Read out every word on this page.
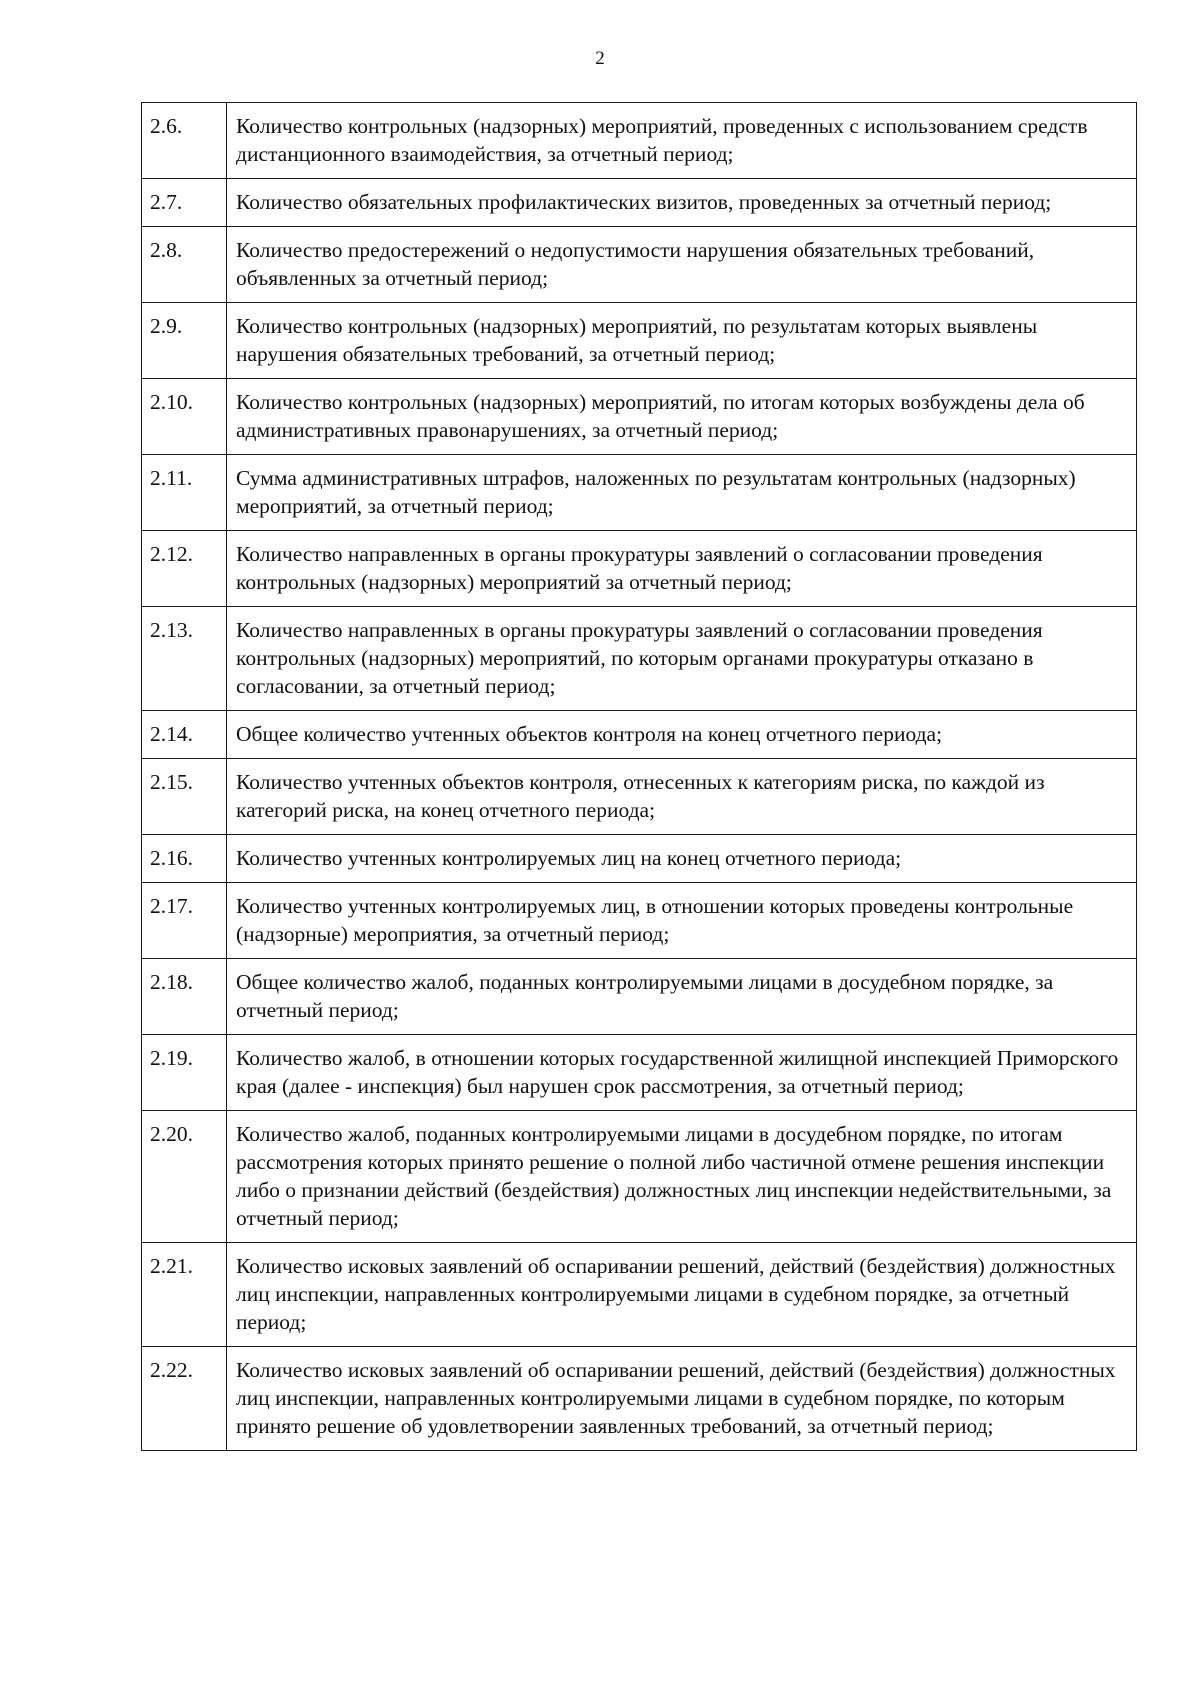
2
2.6.	Количество контрольных (надзорных) мероприятий, проведенных с использованием средств дистанционного взаимодействия, за отчетный период;
2.7.	Количество обязательных профилактических визитов, проведенных за отчетный период;
2.8.	Количество предостережений о недопустимости нарушения обязательных требований, объявленных за отчетный период;
2.9.	Количество контрольных (надзорных) мероприятий, по результатам которых выявлены нарушения обязательных требований, за отчетный период;
2.10.	Количество контрольных (надзорных) мероприятий, по итогам которых возбуждены дела об административных правонарушениях, за отчетный период;
2.11.	Сумма административных штрафов, наложенных по результатам контрольных (надзорных) мероприятий, за отчетный период;
2.12.	Количество направленных в органы прокуратуры заявлений о согласовании проведения контрольных (надзорных) мероприятий за отчетный период;
2.13.	Количество направленных в органы прокуратуры заявлений о согласовании проведения контрольных (надзорных) мероприятий, по которым органами прокуратуры отказано в согласовании, за отчетный период;
2.14.	Общее количество учтенных объектов контроля на конец отчетного периода;
2.15.	Количество учтенных объектов контроля, отнесенных к категориям риска, по каждой из категорий риска, на конец отчетного периода;
2.16.	Количество учтенных контролируемых лиц на конец отчетного периода;
2.17.	Количество учтенных контролируемых лиц, в отношении которых проведены контрольные (надзорные) мероприятия, за отчетный период;
2.18.	Общее количество жалоб, поданных контролируемыми лицами в досудебном порядке, за отчетный период;
2.19.	Количество жалоб, в отношении которых государственной жилищной инспекцией Приморского края (далее - инспекция) был нарушен срок рассмотрения, за отчетный период;
2.20.	Количество жалоб, поданных контролируемыми лицами в досудебном порядке, по итогам рассмотрения которых принято решение о полной либо частичной отмене решения инспекции либо о признании действий (бездействия) должностных лиц инспекции недействительными, за отчетный период;
2.21.	Количество исковых заявлений об оспаривании решений, действий (бездействия) должностных лиц инспекции, направленных контролируемыми лицами в судебном порядке, за отчетный период;
2.22.	Количество исковых заявлений об оспаривании решений, действий (бездействия) должностных лиц инспекции, направленных контролируемыми лицами в судебном порядке, по которым принято решение об удовлетворении заявленных требований, за отчетный период;
